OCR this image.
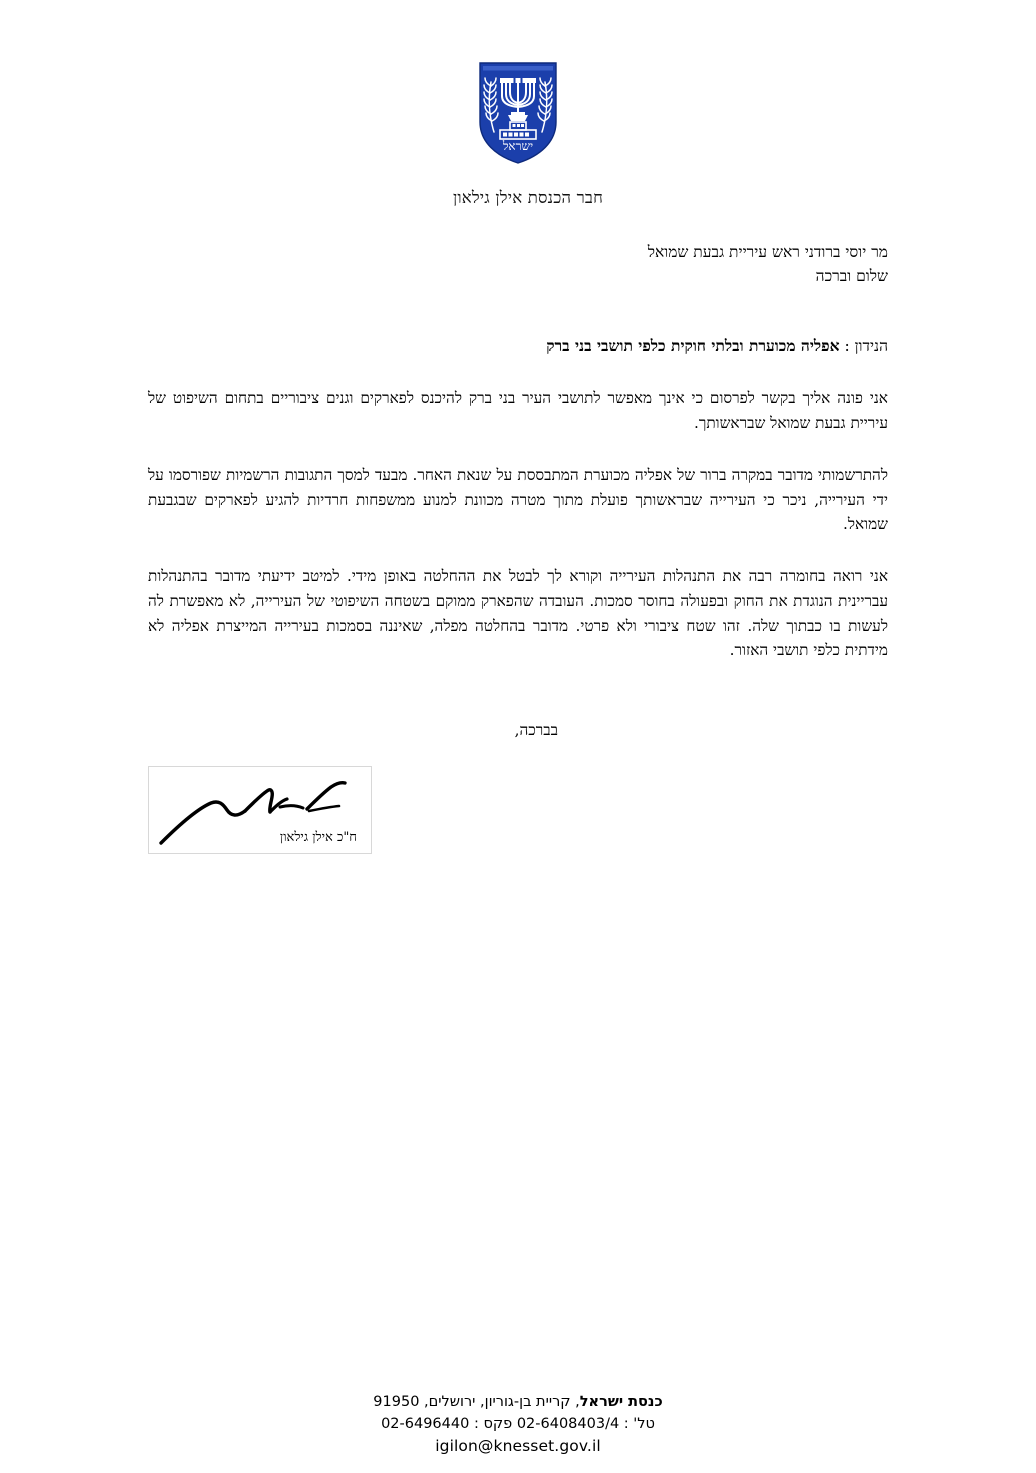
ישראל
חבר הכנסת אילן גילאון
מר יוסי ברודני ראש עיריית גבעת שמואל
שלום וברכה
הנידון : אפליה מכוערת ובלתי חוקית כלפי תושבי בני ברק

אני פונה אליך בקשר לפרסום כי אינך מאפשר לתושבי העיר בני ברק להיכנס לפארקים וגנים ציבוריים בתחום השיפוט של עיריית גבעת שמואל שבראשותך.

להתרשמותי מדובר במקרה ברור של אפליה מכוערת המתבססת על שנאת האחר. מבעד למסך התגובות הרשמיות שפורסמו על ידי העירייה, ניכר כי העירייה שבראשותך פועלת מתוך מטרה מכוונת למנוע ממשפחות חרדיות להגיע לפארקים שבגבעת שמואל.

אני רואה בחומרה רבה את התנהלות העירייה וקורא לך לבטל את ההחלטה באופן מידי. למיטב ידיעתי מדובר בהתנהלות עבריינית הנוגדת את החוק ובפעולה בחוסר סמכות. העובדה שהפארק ממוקם בשטחה השיפוטי של העירייה, לא מאפשרת לה לעשות בו כבתוך שלה. זהו שטח ציבורי ולא פרטי. מדובר בהחלטה מפלה, שאיננה בסמכות בעירייה המייצרת אפליה לא מידתית כלפי תושבי האזור.

בברכה,
ח"כ אילן גילאון
כנסת ישראל, קריית בן-גוריון, ירושלים, 91950
טל' : 02-6408403/4 פקס : 02-6496440
igilon@knesset.gov.il
